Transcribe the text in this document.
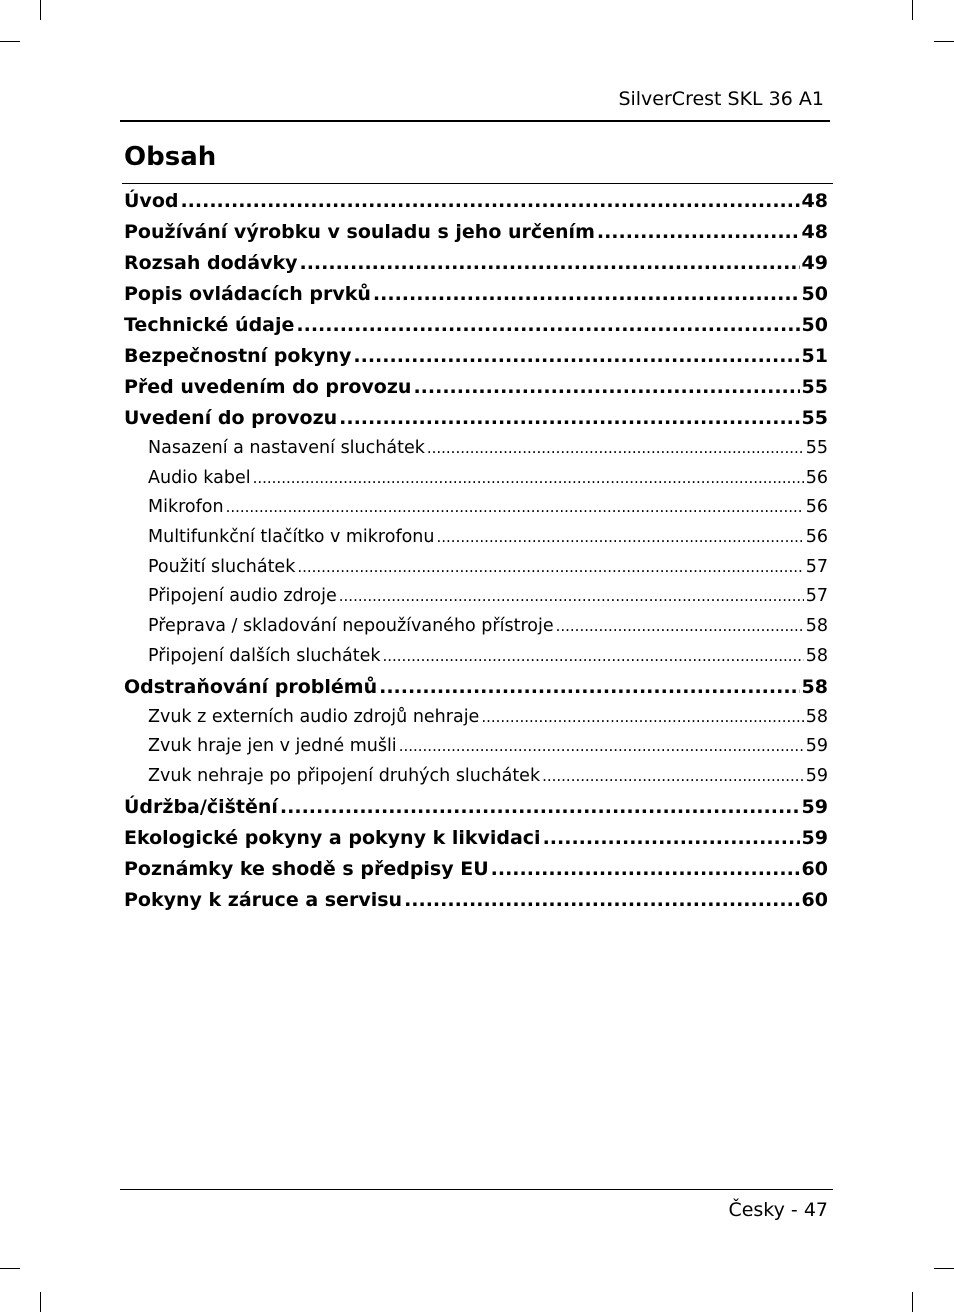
SilverCrest SKL 36 A1
Obsah
Úvod .....	48
Používání výrobku v souladu s jeho určením .....	48
Rozsah dodávky .....	49
Popis ovládacích prvků .....	50
Technické údaje .....	50
Bezpečnostní pokyny .....	51
Před uvedením do provozu .....	55
Uvedení do provozu .....	55
Nasazení a nastavení sluchátek .....	55
Audio kabel .....	56
Mikrofon .....	56
Multifunkční tlačítko v mikrofonu .....	56
Použití sluchátek .....	57
Připojení audio zdroje .....	57
Přeprava / skladování nepoužívaného přístroje .....	58
Připojení dalších sluchátek .....	58
Odstraňování problémů .....	58
Zvuk z externích audio zdrojů nehraje .....	58
Zvuk hraje jen v jedné mušli .....	59
Zvuk nehraje po připojení druhých sluchátek .....	59
Údržba/čištění .....	59
Ekologické pokyny a pokyny k likvidaci .....	59
Poznámky ke shodě s předpisy EU .....	60
Pokyny k záruce a servisu .....	60
Česky - 47
